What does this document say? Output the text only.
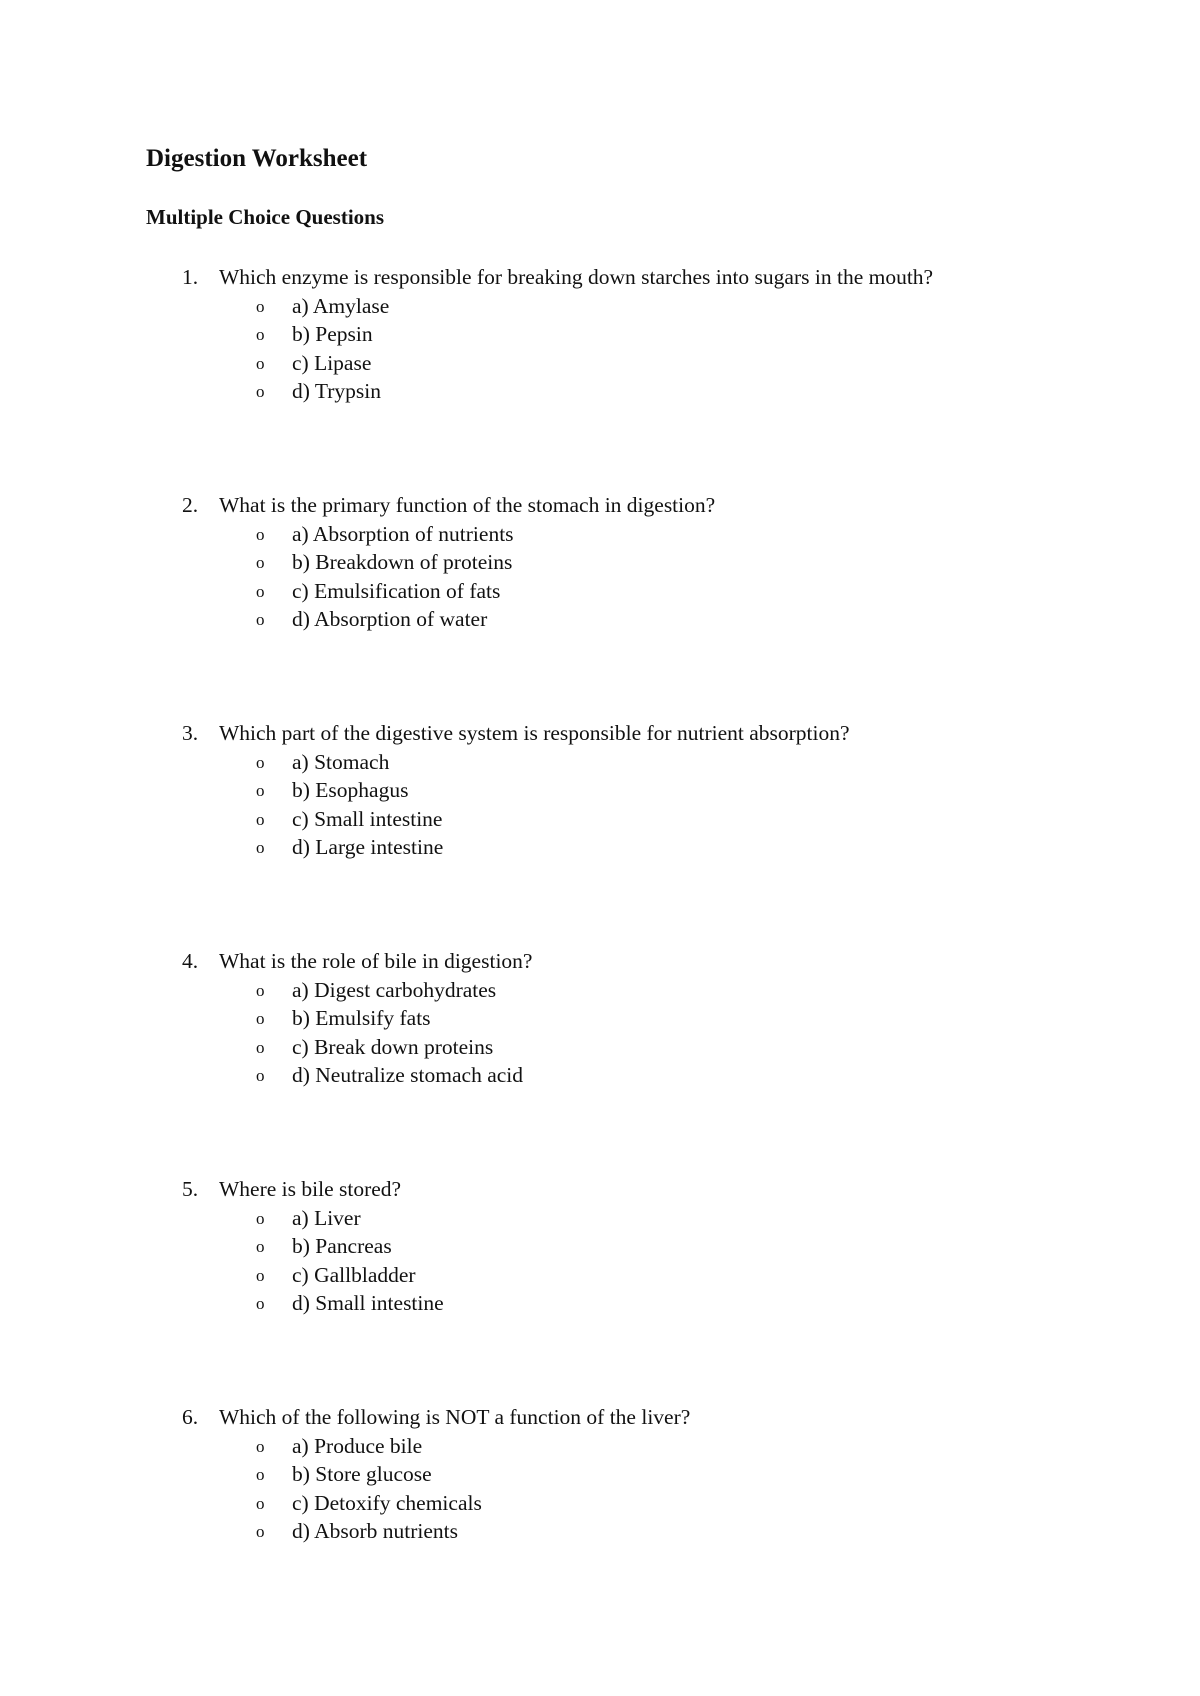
Digestion Worksheet
Multiple Choice Questions
1. Which enzyme is responsible for breaking down starches into sugars in the mouth?
o a) Amylase
o b) Pepsin
o c) Lipase
o d) Trypsin
2. What is the primary function of the stomach in digestion?
o a) Absorption of nutrients
o b) Breakdown of proteins
o c) Emulsification of fats
o d) Absorption of water
3. Which part of the digestive system is responsible for nutrient absorption?
o a) Stomach
o b) Esophagus
o c) Small intestine
o d) Large intestine
4. What is the role of bile in digestion?
o a) Digest carbohydrates
o b) Emulsify fats
o c) Break down proteins
o d) Neutralize stomach acid
5. Where is bile stored?
o a) Liver
o b) Pancreas
o c) Gallbladder
o d) Small intestine
6. Which of the following is NOT a function of the liver?
o a) Produce bile
o b) Store glucose
o c) Detoxify chemicals
o d) Absorb nutrients
